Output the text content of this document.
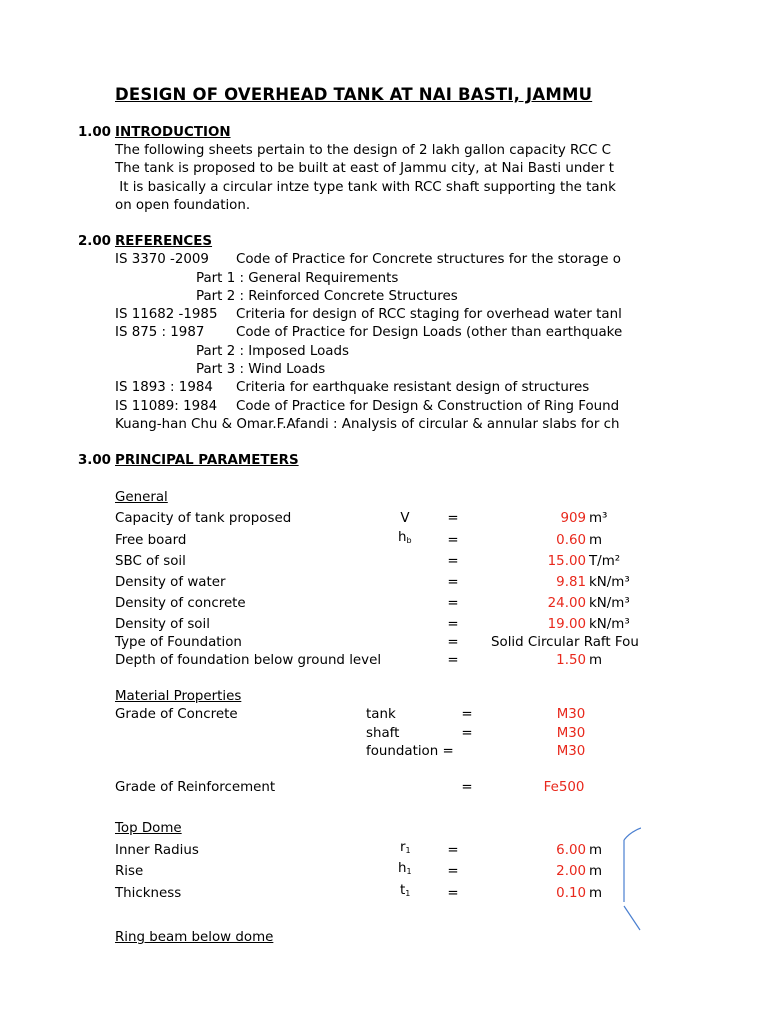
DESIGN OF OVERHEAD TANK AT NAI BASTI, JAMMU
1.00 INTRODUCTION
The following sheets pertain to the design of 2 lakh gallon capacity RCC C
The tank is proposed to be built at east of Jammu city, at Nai Basti under t
It is basically a circular intze type tank with RCC shaft supporting the tank
on open foundation.
2.00 REFERENCES
IS 3370 -2009 Code of Practice for Concrete structures for the storage o
Part 1 : General Requirements
Part 2 : Reinforced Concrete Structures
IS 11682 -1985 Criteria for design of RCC staging for overhead water tanl
IS 875 : 1987 Code of Practice for Design Loads (other than earthquake
Part 2 : Imposed Loads
Part 3 : Wind Loads
IS 1893 : 1984 Criteria for earthquake resistant design of structures
IS 11089: 1984 Code of Practice for Design & Construction of Ring Found
Kuang-han Chu & Omar.F.Afandi : Analysis of circular & annular slabs for ch
3.00 PRINCIPAL PARAMETERS
General
Capacity of tank proposed	V	=	909 m³
Free board	$h_b$	=	0.60 m
SBC of soil	=	15.00 T/m²
Density of water	=	9.81 kN/m³
Density of concrete	=	24.00 kN/m³
Density of soil	=	19.00 kN/m³
Type of Foundation	= Solid Circular Raft Fou
Depth of foundation below ground level	=	1.50 m
Material Properties
Grade of Concrete	tank	=	M30
shaft	=	M30
foundation =	M30
Grade of Reinforcement	=	Fe500
Top Dome
Inner Radius	$r_1$	=	6.00 m
Rise	$h_1$	=	2.00 m
Thickness	$t_1$	=	0.10 m
Ring beam below dome
